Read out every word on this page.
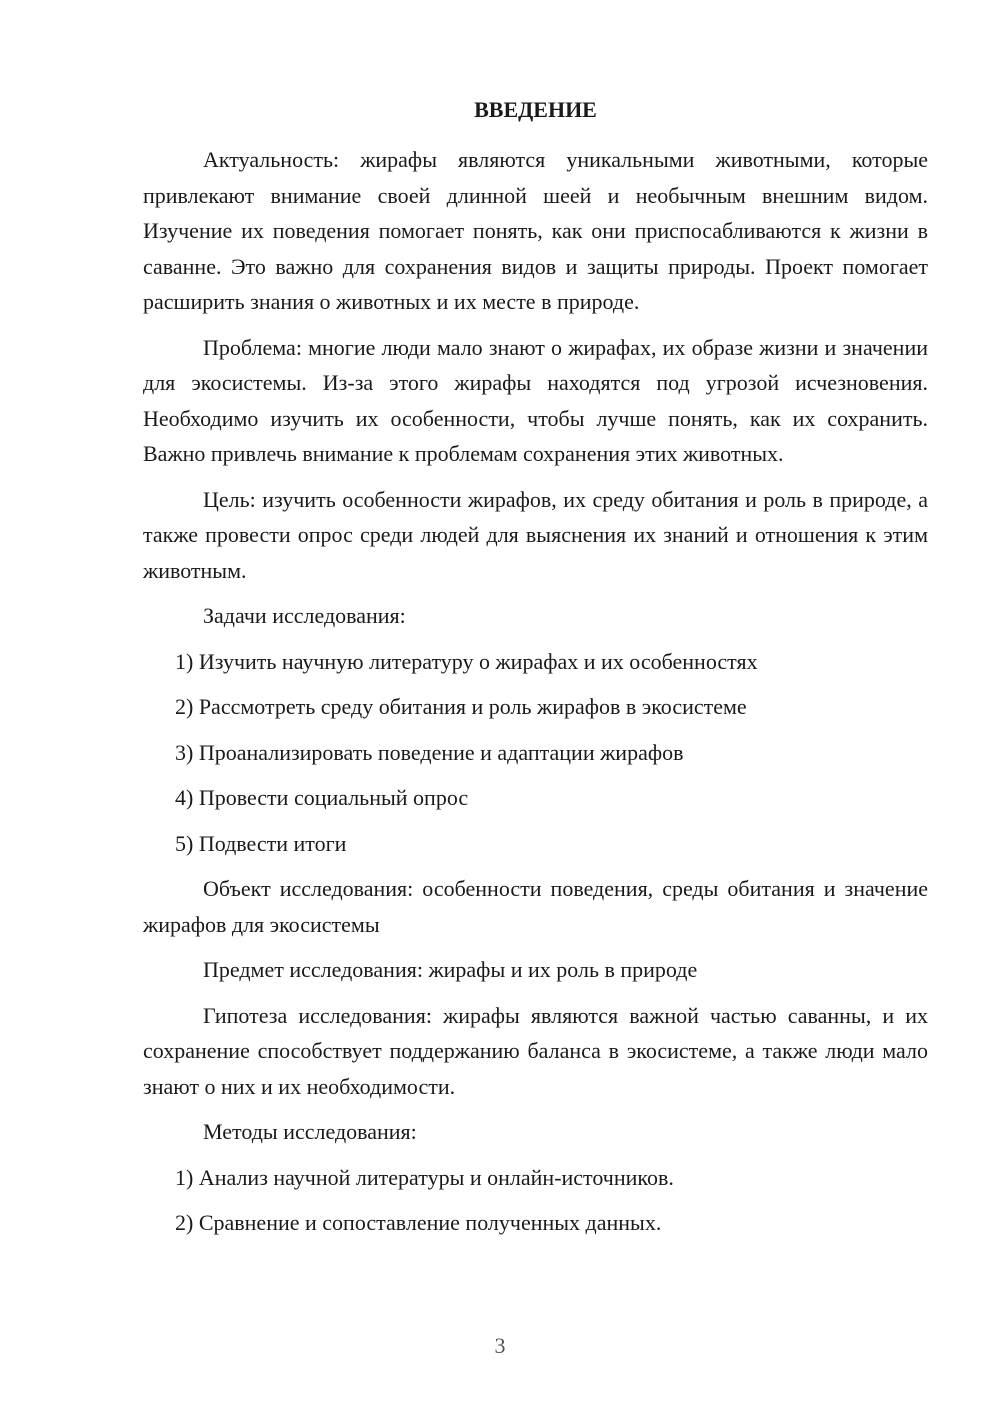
ВВЕДЕНИЕ

Актуальность: жирафы являются уникальными животными, которые привлекают внимание своей длинной шеей и необычным внешним видом. Изучение их поведения помогает понять, как они приспосабливаются к жизни в саванне. Это важно для сохранения видов и защиты природы. Проект помогает расширить знания о животных и их месте в природе.

Проблема: многие люди мало знают о жирафах, их образе жизни и значении для экосистемы. Из-за этого жирафы находятся под угрозой исчезновения. Необходимо изучить их особенности, чтобы лучше понять, как их сохранить. Важно привлечь внимание к проблемам сохранения этих животных.

Цель: изучить особенности жирафов, их среду обитания и роль в природе, а также провести опрос среди людей для выяснения их знаний и отношения к этим животным.

Задачи исследования:
1) Изучить научную литературу о жирафах и их особенностях
2) Рассмотреть среду обитания и роль жирафов в экосистеме
3) Проанализировать поведение и адаптации жирафов
4) Провести социальный опрос
5) Подвести итоги

Объект исследования: особенности поведения, среды обитания и значение жирафов для экосистемы

Предмет исследования: жирафы и их роль в природе

Гипотеза исследования: жирафы являются важной частью саванны, и их сохранение способствует поддержанию баланса в экосистеме, а также люди мало знают о них и их необходимости.

Методы исследования:
1) Анализ научной литературы и онлайн-источников.
2) Сравнение и сопоставление полученных данных.
3
